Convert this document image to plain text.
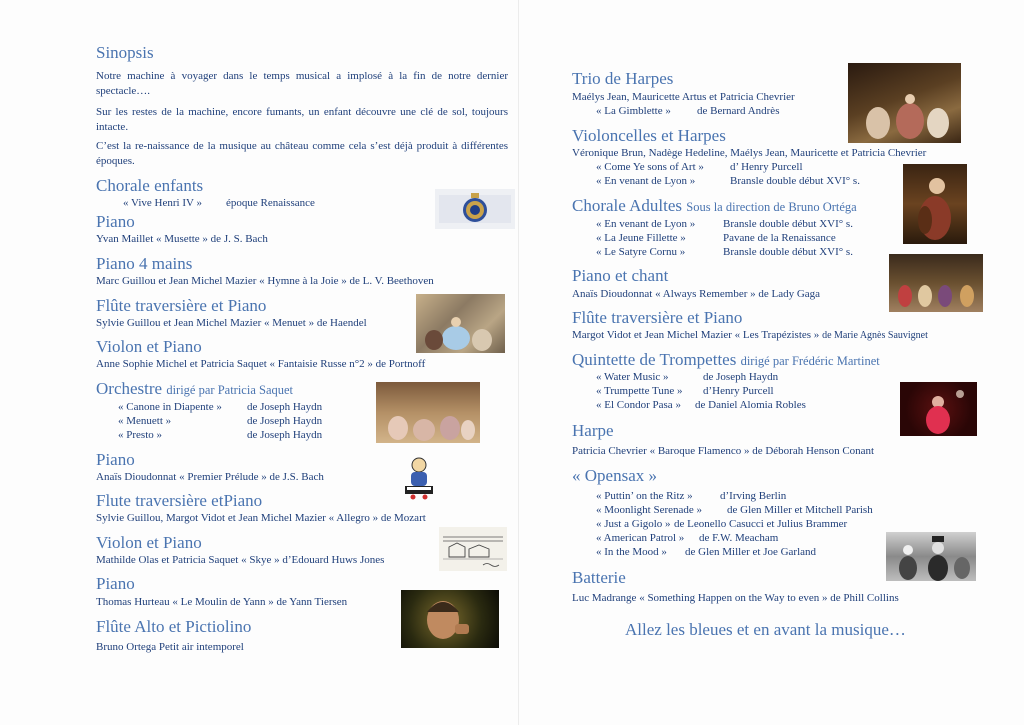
Sinopsis
Notre machine à voyager dans le temps musical a implosé à la fin de notre dernier spectacle….
Sur les restes de la machine, encore fumants, un enfant découvre une clé de sol, toujours intacte.
C’est la re-naissance de la musique au château comme cela s’est déjà produit à différentes époques.
Chorale enfants
« Vive Henri IV » époque Renaissance
Piano
Yvan Maillet « Musette » de J. S. Bach
Piano 4 mains
Marc Guillou et Jean Michel Mazier « Hymne à la Joie » de L. V. Beethoven
Flûte traversière et Piano
Sylvie Guillou et Jean Michel Mazier « Menuet » de Haendel
Violon et Piano
Anne Sophie Michel et Patricia Saquet « Fantaisie Russe n°2 » de Portnoff
Orchestre dirigé par Patricia Saquet
« Canone in Diapente » de Joseph Haydn
« Menuett »	de Joseph Haydn
« Presto »	de Joseph Haydn
Piano
Anaïs Dioudonnat « Premier Prélude » de J.S. Bach
Flute traversière etPiano
Sylvie Guillou, Margot Vidot et Jean Michel Mazier « Allegro » de Mozart
Violon et Piano
Mathilde Olas et Patricia Saquet « Skye » d’Edouard Huws Jones
Piano
Thomas Hurteau « Le Moulin de Yann » de Yann Tiersen
Flûte Alto et Pictiolino
Bruno Ortega Petit air intemporel
Trio de Harpes
Maélys Jean, Mauricette Artus et Patricia Chevrier
« La Gimblette » de Bernard Andrès
Violoncelles et Harpes
Véronique Brun, Nadège Hedeline, Maélys Jean, Mauricette et Patricia Chevrier
« Come Ye sons of Art » d’ Henry Purcell
« En venant de Lyon »	Bransle double début XVI° s.
Chorale Adultes Sous la direction de Bruno Ortéga
« En venant de Lyon »	Bransle double début XVI° s.
« La Jeune Fillette »	Pavane de la Renaissance
« Le Satyre Cornu »	Bransle double début XVI° s.
Piano et chant
Anaïs Dioudonnat « Always Remember » de Lady Gaga
Flûte traversière et Piano
Margot Vidot et Jean Michel Mazier « Les Trapézistes » de Marie Agnès Sauvignet
Quintette de Trompettes dirigé par Frédéric Martinet
« Water Music »	de Joseph Haydn
« Trumpette Tune » d’Henry Purcell
« El Condor Pasa » de Daniel Alomia Robles
Harpe
Patricia Chevrier « Baroque Flamenco » de Déborah Henson Conant
« Opensax »
« Puttin’ on the Ritz » d’Irving Berlin
« Moonlight Serenade » de Glen Miller et Mitchell Parish
« Just a Gigolo » de Leonello Casucci et Julius Brammer
« American Patrol » de F.W. Meacham
« In the Mood » de Glen Miller et Joe Garland
Batterie
Luc Madrange « Something Happen on the Way to even » de Phill Collins
Allez les bleues et en avant la musique…
